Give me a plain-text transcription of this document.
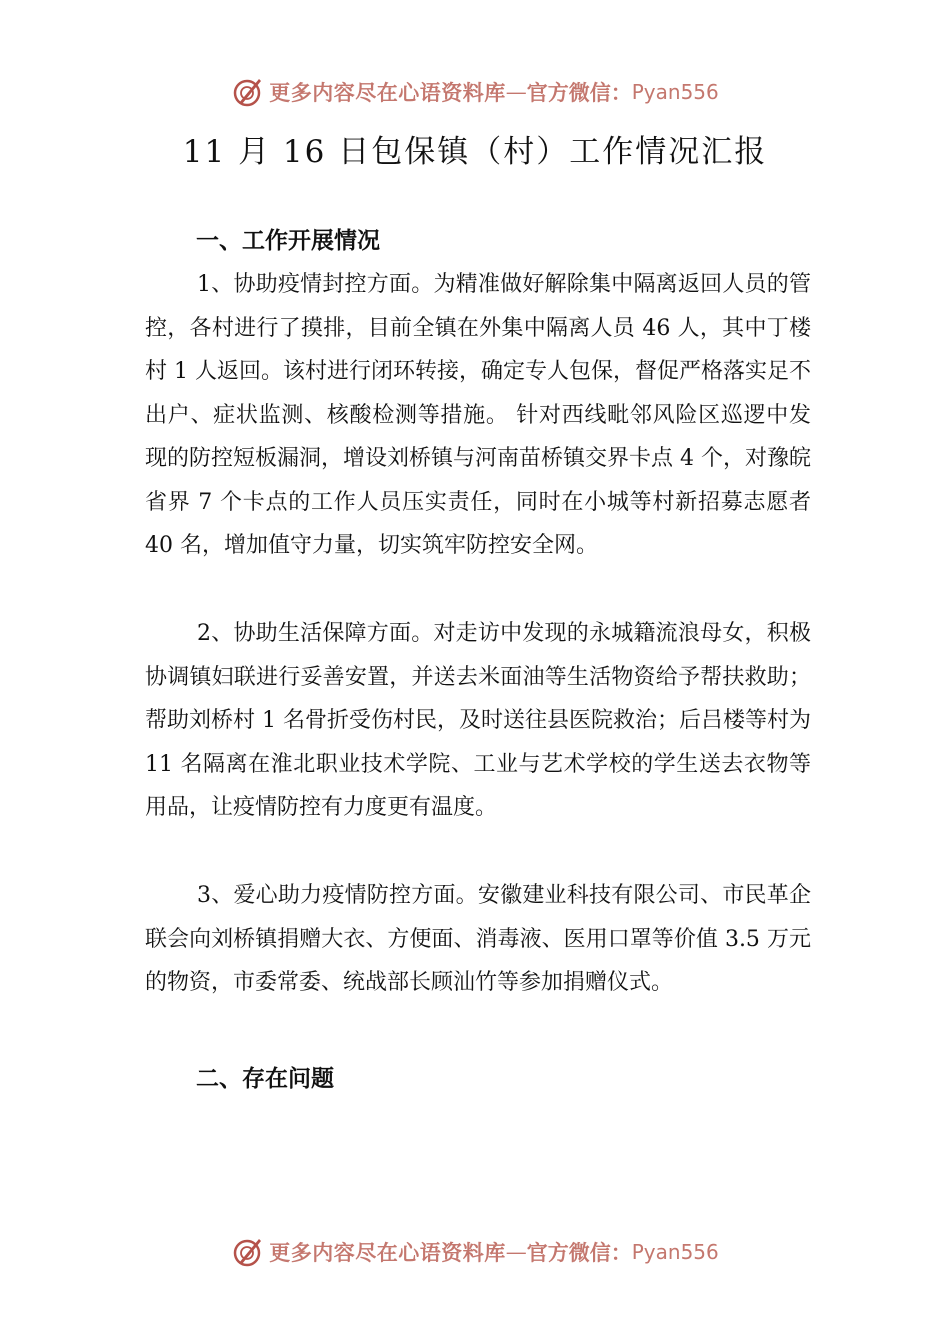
更多内容尽在心语资料库 — 官方微信： Pyan556
11 月 16 日包保镇（村）工作情况汇报
一、工作开展情况
1、协助疫情封控方面。为精准做好解除集中隔离返回人员的管控，各村进行了摸排，目前全镇在外集中隔离人员 46 人，其中丁楼村 1 人返回。该村进行闭环转接，确定专人包保，督促严格落实足不出户、症状监测、核酸检测等措施。 针对西线毗邻风险区巡逻中发现的防控短板漏洞，增设刘桥镇与河南苗桥镇交界卡点 4 个，对豫皖省界 7 个卡点的工作人员压实责任，同时在小城等村新招募志愿者 40 名，增加值守力量，切实筑牢防控安全网。
2、协助生活保障方面。对走访中发现的永城籍流浪母女，积极协调镇妇联进行妥善安置，并送去米面油等生活物资给予帮扶救助；帮助刘桥村 1 名骨折受伤村民，及时送往县医院救治；后吕楼等村为 11 名隔离在淮北职业技术学院、工业与艺术学校的学生送去衣物等用品，让疫情防控有力度更有温度。
3、爱心助力疫情防控方面。安徽建业科技有限公司、市民革企联会向刘桥镇捐赠大衣、方便面、消毒液、医用口罩等价值 3.5 万元的物资，市委常委、统战部长顾汕竹等参加捐赠仪式。
二、存在问题
更多内容尽在心语资料库 — 官方微信： Pyan556
